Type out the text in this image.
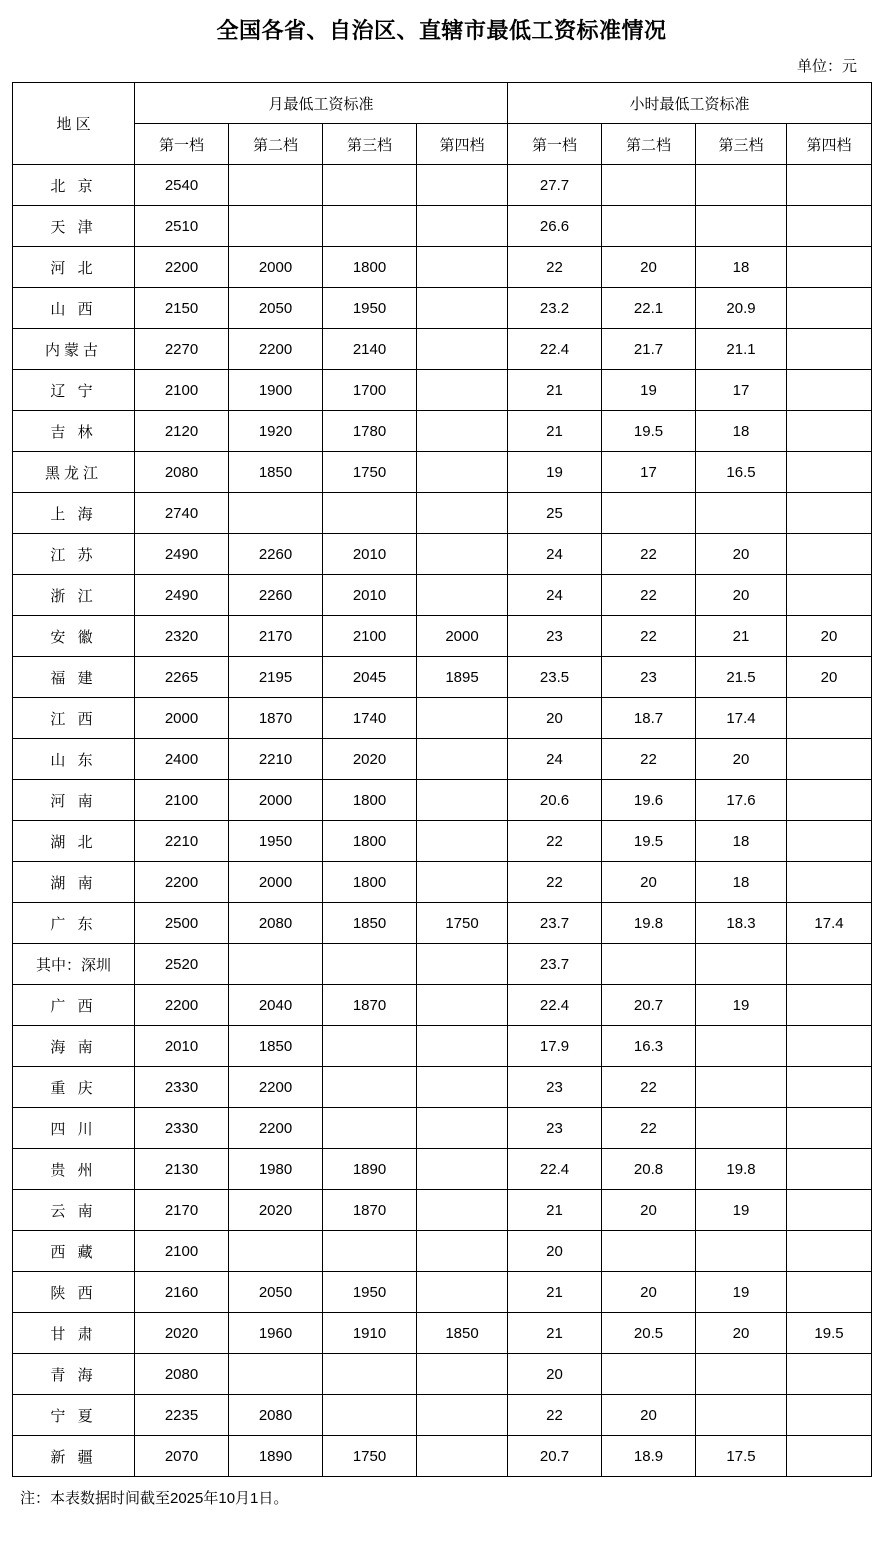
全国各省、自治区、直辖市最低工资标准情况
单位：元
地 区	月最低工资标准				小时最低工资标准			
	第一档	第二档	第三档	第四档	第一档	第二档	第三档	第四档
北 京	2540				27.7			
天 津	2510				26.6			
河 北	2200	2000	1800		22	20	18	
山 西	2150	2050	1950		23.2	22.1	20.9	
内蒙古	2270	2200	2140		22.4	21.7	21.1	
辽 宁	2100	1900	1700		21	19	17	
吉 林	2120	1920	1780		21	19.5	18	
黑龙江	2080	1850	1750		19	17	16.5	
上 海	2740				25			
江 苏	2490	2260	2010		24	22	20	
浙 江	2490	2260	2010		24	22	20	
安 徽	2320	2170	2100	2000	23	22	21	20
福 建	2265	2195	2045	1895	23.5	23	21.5	20
江 西	2000	1870	1740		20	18.7	17.4	
山 东	2400	2210	2020		24	22	20	
河 南	2100	2000	1800		20.6	19.6	17.6	
湖 北	2210	1950	1800		22	19.5	18	
湖 南	2200	2000	1800		22	20	18	
广 东	2500	2080	1850	1750	23.7	19.8	18.3	17.4
其中：深圳	2520				23.7			
广 西	2200	2040	1870		22.4	20.7	19	
海 南	2010	1850			17.9	16.3		
重 庆	2330	2200			23	22		
四 川	2330	2200			23	22		
贵 州	2130	1980	1890		22.4	20.8	19.8	
云 南	2170	2020	1870		21	20	19	
西 藏	2100				20			
陕 西	2160	2050	1950		21	20	19	
甘 肃	2020	1960	1910	1850	21	20.5	20	19.5
青 海	2080				20			
宁 夏	2235	2080			22	20		
新 疆	2070	1890	1750		20.7	18.9	17.5	
注：本表数据时间截至2025年10月1日。
